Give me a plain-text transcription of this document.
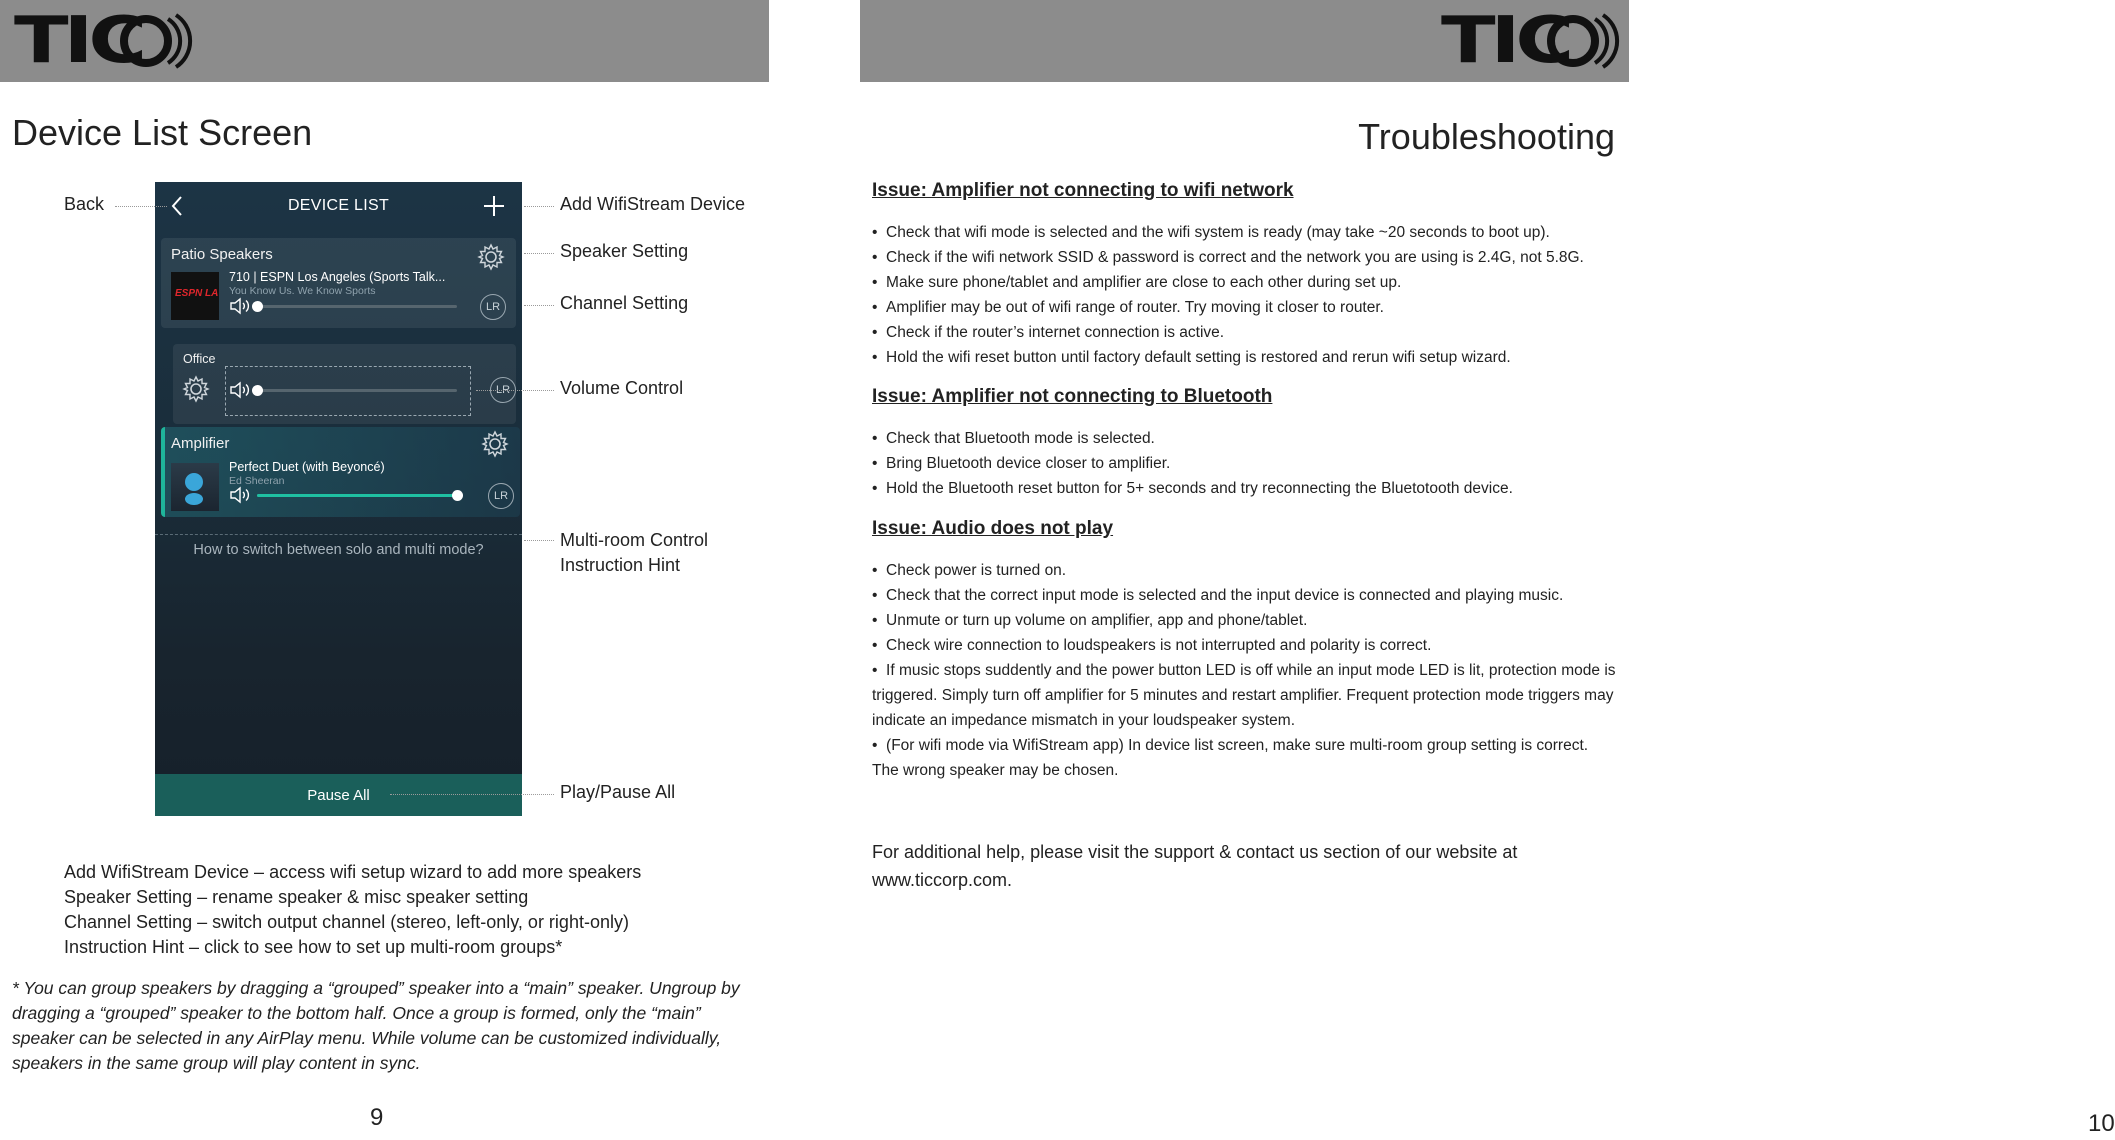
TIC
Device List Screen
DEVICE LIST
Patio Speakers
ESPN LA
710 | ESPN Los Angeles (Sports Talk...
You Know Us. We Know Sports
LR
Office
LR
Amplifier
Perfect Duet (with Beyoncé)
Ed Sheeran
LR
How to switch between solo and multi mode?
Pause All
Back	Add WifiStream Device
Speaker Setting
Channel Setting
Volume Control
Multi-room Control
Instruction Hint
Play/Pause All
Add WifiStream Device – access wifi setup wizard to add more speakers
Speaker Setting – rename speaker & misc speaker setting
Channel Setting – switch output channel (stereo, left-only, or right-only)
Instruction Hint – click to see how to set up multi-room groups*
* You can group speakers by dragging a “grouped” speaker into a “main” speaker. Ungroup by dragging a “grouped” speaker to the bottom half. Once a group is formed, only the “main” speaker can be selected in any AirPlay menu. While volume can be customized individually, speakers in the same group will play content in sync.
9
TIC
Troubleshooting
Issue: Amplifier not connecting to wifi network
•  Check that wifi mode is selected and the wifi system is ready (may take ~20 seconds to boot up).
•  Check if the wifi network SSID & password is correct and the network you are using is 2.4G, not 5.8G.
•  Make sure phone/tablet and amplifier are close to each other during set up.
•  Amplifier may be out of wifi range of router. Try moving it closer to router.
•  Check if the router’s internet connection is active.
•  Hold the wifi reset button until factory default setting is restored and rerun wifi setup wizard.
Issue: Amplifier not connecting to Bluetooth
•  Check that Bluetooth mode is selected.
•  Bring Bluetooth device closer to amplifier.
•  Hold the Bluetooth reset button for 5+ seconds and try reconnecting the Bluetotooth device.
Issue: Audio does not play
•  Check power is turned on.
•  Check that the correct input mode is selected and the input device is connected and playing music.
•  Unmute or turn up volume on amplifier, app and phone/tablet.
•  Check wire connection to loudspeakers is not interrupted and polarity is correct.
•  If music stops suddently and the power button LED is off while an input mode LED is lit, protection mode is triggered. Simply turn off amplifier for 5 minutes and restart amplifier. Frequent protection mode triggers may indicate an impedance mismatch in your loudspeaker system.
•  (For wifi mode via WifiStream app) In device list screen, make sure multi-room group setting is correct. The wrong speaker may be chosen.
For additional help, please visit the support & contact us section of our website at
www.ticcorp.com.
10
